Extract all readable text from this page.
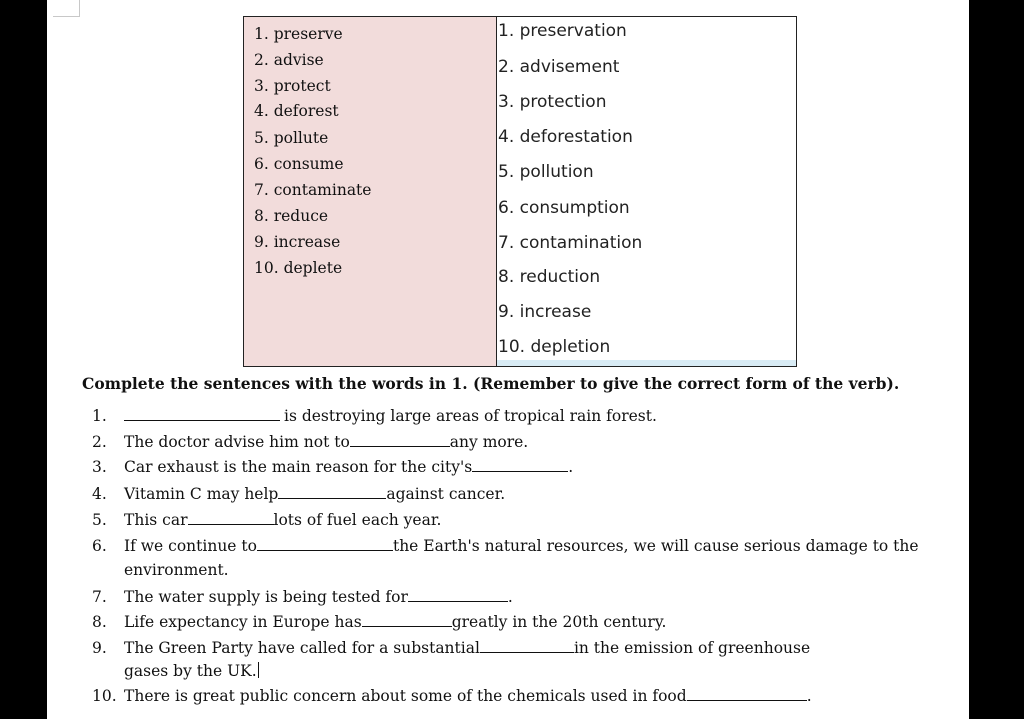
1. preserve
2. advise
3. protect
4. deforest
5. pollute
6. consume
7. contaminate
8. reduce
9. increase
10. deplete
1. preservation
2. advisement
3. protection
4. deforestation
5. pollution
6. consumption
7. contamination
8. reduction
9. increase
10. depletion
Complete the sentences with the words in 1. (Remember to give the correct form of the verb).
1.	is destroying large areas of tropical rain forest.
2. The doctor advise him not to	any more.
3. Car exhaust is the main reason for the city's	.
4. Vitamin C may help	against cancer.
5. This car	lots of fuel each year.
6. If we continue to	the Earth's natural resources, we will cause serious damage to the
environment.
7. The water supply is being tested for	.
8. Life expectancy in Europe has	greatly in the 20th century.
9. The Green Party have called for a substantial	in the emission of greenhouse
gases by the UK.
10. There is great public concern about some of the chemicals used in food	.
